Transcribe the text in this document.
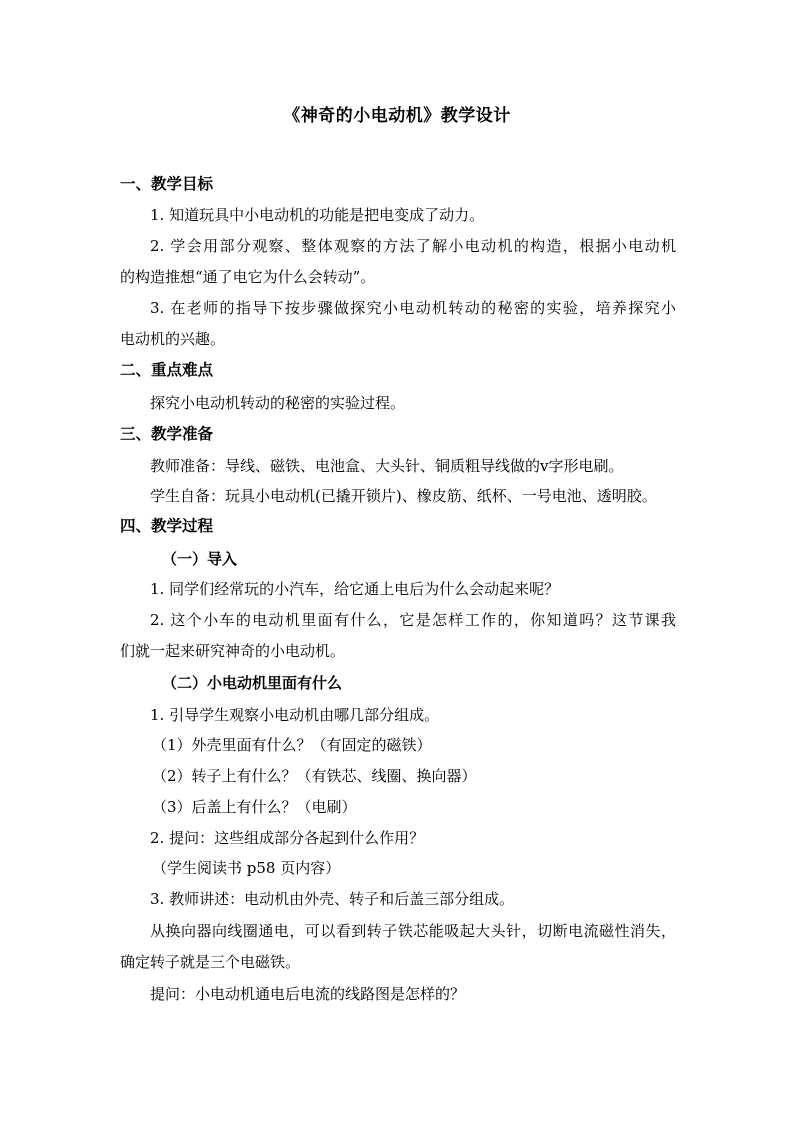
《神奇的小电动机》教学设计
一、教学目标
1. 知道玩具中小电动机的功能是把电变成了动力。
2. 学会用部分观察、整体观察的方法了解小电动机的构造，根据小电动机
的构造推想“通了电它为什么会转动”。
3. 在老师的指导下按步骤做探究小电动机转动的秘密的实验，培养探究小
电动机的兴趣。
二、重点难点
探究小电动机转动的秘密的实验过程。
三、教学准备
教师准备：导线、磁铁、电池盒、大头针、铜质粗导线做的v字形电刷。
学生自备：玩具小电动机(已撬开锁片)、橡皮筋、纸杯、一号电池、透明胶。
四、教学过程
（一）导入
1. 同学们经常玩的小汽车，给它通上电后为什么会动起来呢？
2. 这个小车的电动机里面有什么，它是怎样工作的，你知道吗？这节课我
们就一起来研究神奇的小电动机。
（二）小电动机里面有什么
1. 引导学生观察小电动机由哪几部分组成。
（1）外壳里面有什么？（有固定的磁铁）
（2）转子上有什么？（有铁芯、线圈、换向器）
（3）后盖上有什么？（电刷）
2. 提问：这些组成部分各起到什么作用？
（学生阅读书 p58 页内容）
3. 教师讲述：电动机由外壳、转子和后盖三部分组成。
从换向器向线圈通电，可以看到转子铁芯能吸起大头针，切断电流磁性消失，
确定转子就是三个电磁铁。
提问：小电动机通电后电流的线路图是怎样的？
